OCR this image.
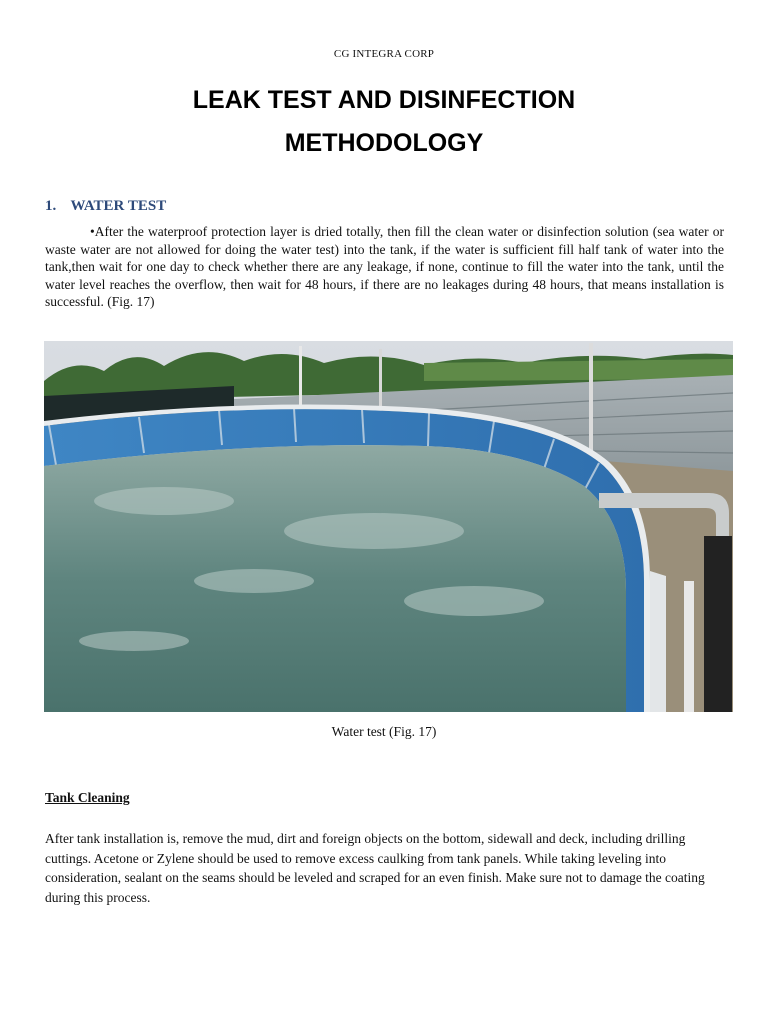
CG INTEGRA CORP
LEAK TEST AND DISINFECTION
METHODOLOGY
1. WATER TEST
•After the waterproof protection layer is dried totally, then fill the clean water or disinfection solution (sea water or waste water are not allowed for doing the water test) into the tank, if the water is sufficient fill half tank of water into the tank,then wait for one day to check whether there are any leakage, if none, continue to fill the water into the tank, until the water level reaches the overflow, then wait for 48 hours, if there are no leakages during 48 hours, that means installation is successful. (Fig. 17)
Water test (Fig. 17)
Tank Cleaning
After tank installation is, remove the mud, dirt and foreign objects on the bottom, sidewall and deck, including drilling cuttings. Acetone or Zylene should be used to remove excess caulking from tank panels. While taking leveling into consideration, sealant on the seams should be leveled and scraped for an even finish. Make sure not to damage the coating during this process.
